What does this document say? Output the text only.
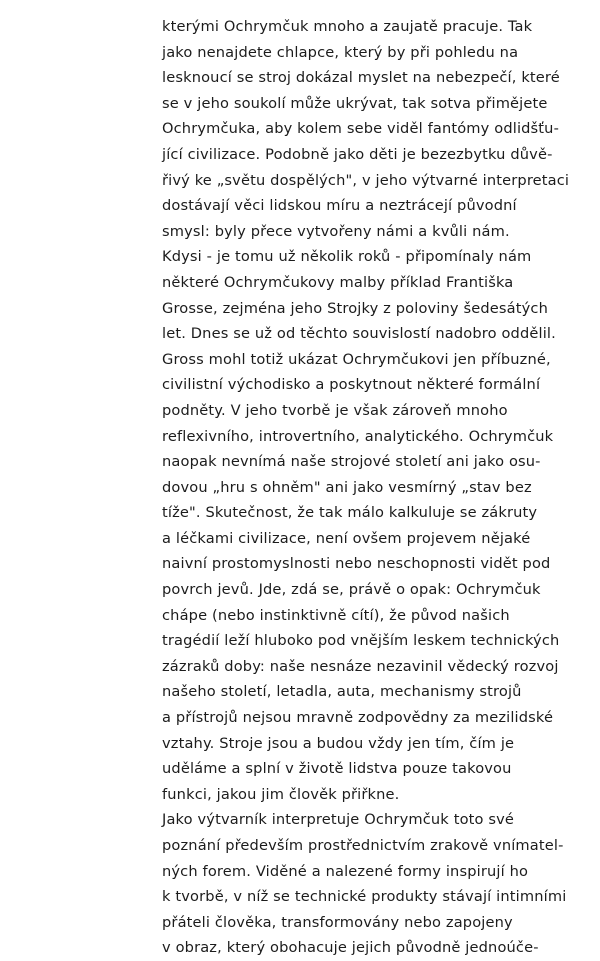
kterými Ochrymčuk mnoho a zaujatě pracuje. Tak
jako nenajdete chlapce, který by při pohledu na
lesknoucí se stroj dokázal myslet na nebezpečí, které
se v jeho soukolí může ukrývat, tak sotva přimějete
Ochrymčuka, aby kolem sebe viděl fantómy odlidšťu-
jící civilizace. Podobně jako děti je bezezbytku důvě-
řivý ke „světu dospělých", v jeho výtvarné interpretaci
dostávají věci lidskou míru a neztrácejí původní
smysl: byly přece vytvořeny námi a kvůli nám.
Kdysi - je tomu už několik roků - připomínaly nám
některé Ochrymčukovy malby příklad Františka
Grosse, zejména jeho Strojky z poloviny šedesátých
let. Dnes se už od těchto souvislostí nadobro oddělil.
Gross mohl totiž ukázat Ochrymčukovi jen příbuzné,
civilistní východisko a poskytnout některé formální
podněty. V jeho tvorbě je však zároveň mnoho
reflexivního, introvertního, analytického. Ochrymčuk
naopak nevnímá naše strojové století ani jako osu-
dovou „hru s ohněm" ani jako vesmírný „stav bez
tíže". Skutečnost, že tak málo kalkuluje se zákruty
a léčkami civilizace, není ovšem projevem nějaké
naivní prostomyslnosti nebo neschopnosti vidět pod
povrch jevů. Jde, zdá se, právě o opak: Ochrymčuk
chápe (nebo instinktivně cítí), že původ našich
tragédií leží hluboko pod vnějším leskem technických
zázraků doby: naše nesnáze nezavinil vědecký rozvoj
našeho století, letadla, auta, mechanismy strojů
a přístrojů nejsou mravně zodpovědny za mezilidské
vztahy. Stroje jsou a budou vždy jen tím, čím je
uděláme a splní v životě lidstva pouze takovou
funkci, jakou jim člověk přiřkne.
Jako výtvarník interpretuje Ochrymčuk toto své
poznání především prostřednictvím zrakově vnímatel-
ných forem. Viděné a nalezené formy inspirují ho
k tvorbě, v níž se technické produkty stávají intimními
přáteli člověka, transformovány nebo zapojeny
v obraz, který obohacuje jejich původně jednoúče-
